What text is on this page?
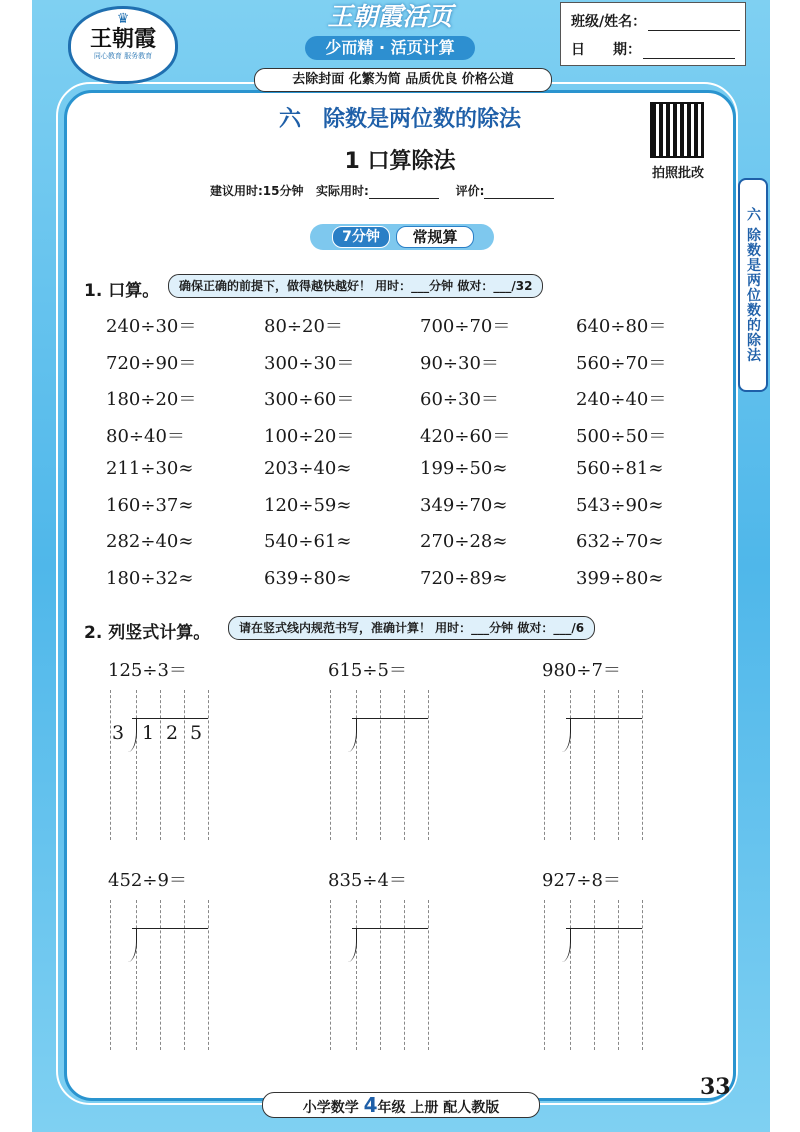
♛
王朝霞
同心教育 服务教育
王朝霞活页
少而精 · 活页计算
班级/姓名：
日　　期：
去除封面 化繁为简 品质优良 价格公道
六　除数是两位数的除法
拍照批改
1 口算除法
建议用时:15分钟 实际用时:	评价:
六 除数是两位数的除法
7分钟	常规算
1. 口算。	确保正确的前提下，做得越快越好！ 用时：___分钟 做对：___/32
240÷30＝	80÷20＝	700÷70＝	640÷80＝
720÷90＝	300÷30＝	90÷30＝	560÷70＝
180÷20＝	300÷60＝	60÷30＝	240÷40＝
80÷40＝	100÷20＝	420÷60＝	500÷50＝
211÷30≈	203÷40≈	199÷50≈	560÷81≈
160÷37≈	120÷59≈	349÷70≈	543÷90≈
282÷40≈	540÷61≈	270÷28≈	632÷70≈
180÷32≈	639÷80≈	720÷89≈	399÷80≈
2. 列竖式计算。	请在竖式线内规范书写，准确计算！ 用时：___分钟 做对：___/6
125÷3＝
3 1 2 5
615÷5＝	980÷7＝
452÷9＝	835÷4＝	927÷8＝
小学数学 4年级 上册 配人教版
33
